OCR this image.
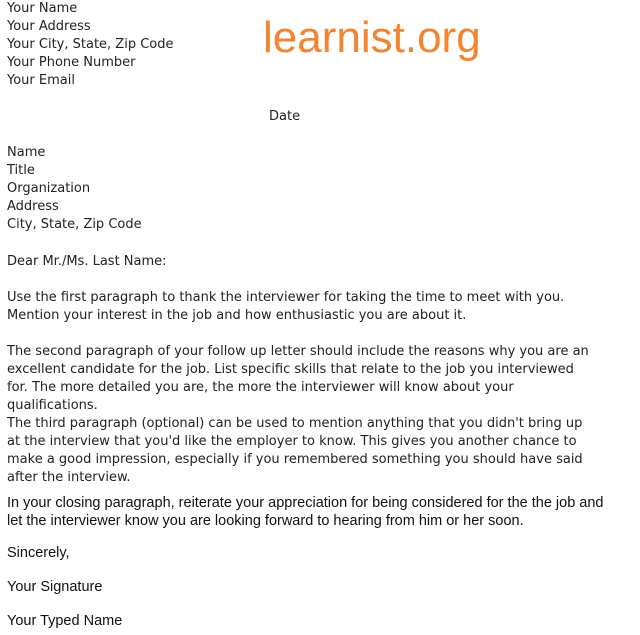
Your Name
Your Address
Your City, State, Zip Code
Your Phone Number
Your Email
learnist.org
Date
Name
Title
Organization
Address
City, State, Zip Code
Dear Mr./Ms. Last Name:

Use the first paragraph to thank the interviewer for taking the time to meet with you. Mention your interest in the job and how enthusiastic you are about it.

The second paragraph of your follow up letter should include the reasons why you are an excellent candidate for the job. List specific skills that relate to the job you interviewed for. The more detailed you are, the more the interviewer will know about your qualifications.

The third paragraph (optional) can be used to mention anything that you didn't bring up at the interview that you'd like the employer to know. This gives you another chance to make a good impression, especially if you remembered something you should have said after the interview.

In your closing paragraph, reiterate your appreciation for being considered for the the job and let the interviewer know you are looking forward to hearing from him or her soon.

Sincerely,
Your Signature
Your Typed Name
